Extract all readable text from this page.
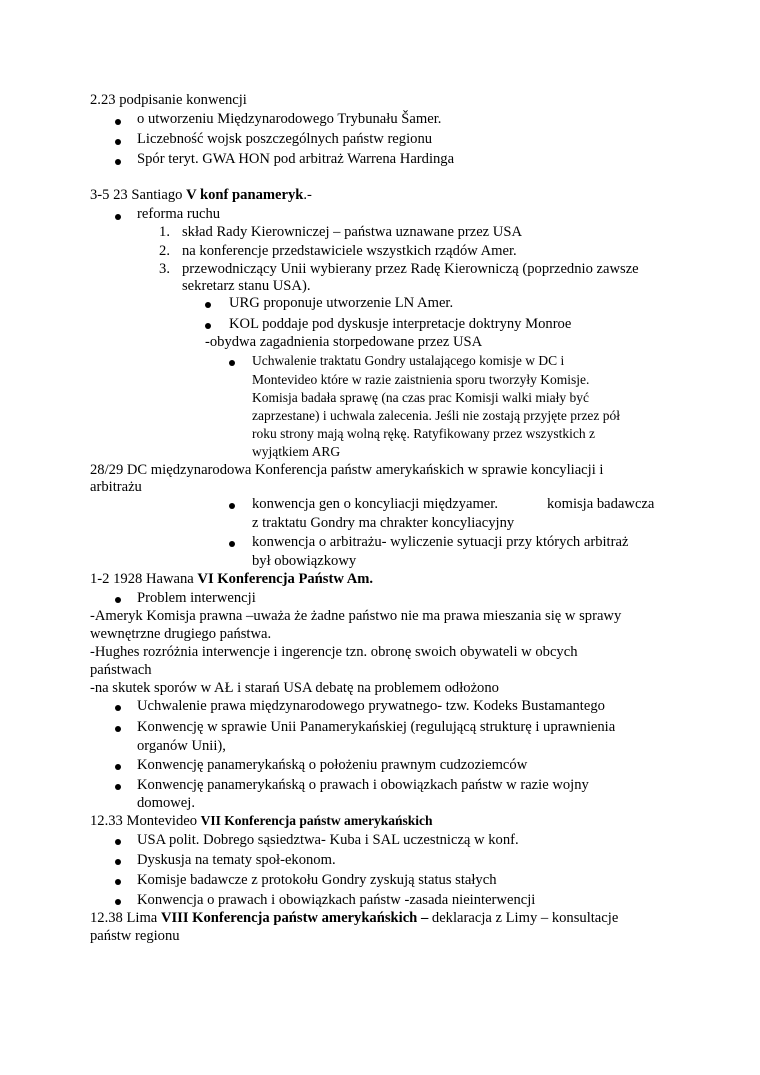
2.23 podpisanie konwencji
o utworzeniu Międzynarodowego Trybunału Šamer.
Liczebność wojsk poszczególnych państw regionu
Spór teryt. GWA HON pod arbitraż Warrena Hardinga
3-5 23 Santiago V konf panameryk.-
reforma ruchu
1. skład Rady Kierowniczej – państwa uznawane przez USA
2. na konferencje przedstawiciele wszystkich rządów Amer.
3. przewodniczący Unii wybierany przez Radę Kierowniczą (poprzednio zawsze
sekretarz stanu USA).
URG proponuje utworzenie LN Amer.
KOL poddaje pod dyskusje interpretacje doktryny Monroe
-obydwa zagadnienia storpedowane przez USA
Uchwalenie traktatu Gondry ustalającego komisje w DC i
Montevideo które w razie zaistnienia sporu tworzyły Komisje.
Komisja badała sprawę (na czas prac Komisji walki miały być
zaprzestane) i uchwala zalecenia. Jeśli nie zostają przyjęte przez pół
roku strony mają wolną rękę. Ratyfikowany przez wszystkich z
wyjątkiem ARG
28/29 DC międzynarodowa Konferencja państw amerykańskich w sprawie koncyliacji i
arbitrażu
konwencja gen o koncyliacji międzyamer.	komisja badawcza
z traktatu Gondry ma chrakter koncyliacyjny
konwencja o arbitrażu- wyliczenie sytuacji przy których arbitraż
był obowiązkowy
1-2 1928 Hawana VI Konferencja Państw Am.
Problem interwencji
-Ameryk Komisja prawna –uważa że żadne państwo nie ma prawa mieszania się w sprawy
wewnętrzne drugiego państwa.
-Hughes rozróżnia interwencje i ingerencje tzn. obronę swoich obywateli w obcych
państwach
-na skutek sporów w AŁ i starań USA debatę na problemem odłożono
Uchwalenie prawa międzynarodowego prywatnego- tzw. Kodeks Bustamantego
Konwencję w sprawie Unii Panamerykańskiej (regulującą strukturę i uprawnienia
organów Unii),
Konwencję panamerykańską o położeniu prawnym cudzoziemców
Konwencję panamerykańską o prawach i obowiązkach państw w razie wojny
domowej.
12.33 Montevideo VII Konferencja państw amerykańskich
USA polit. Dobrego sąsiedztwa- Kuba i SAL uczestniczą w konf.
Dyskusja na tematy społ-ekonom.
Komisje badawcze z protokołu Gondry zyskują status stałych
Konwencja o prawach i obowiązkach państw -zasada nieinterwencji
12.38 Lima VIII Konferencja państw amerykańskich – deklaracja z Limy – konsultacje
państw regionu
